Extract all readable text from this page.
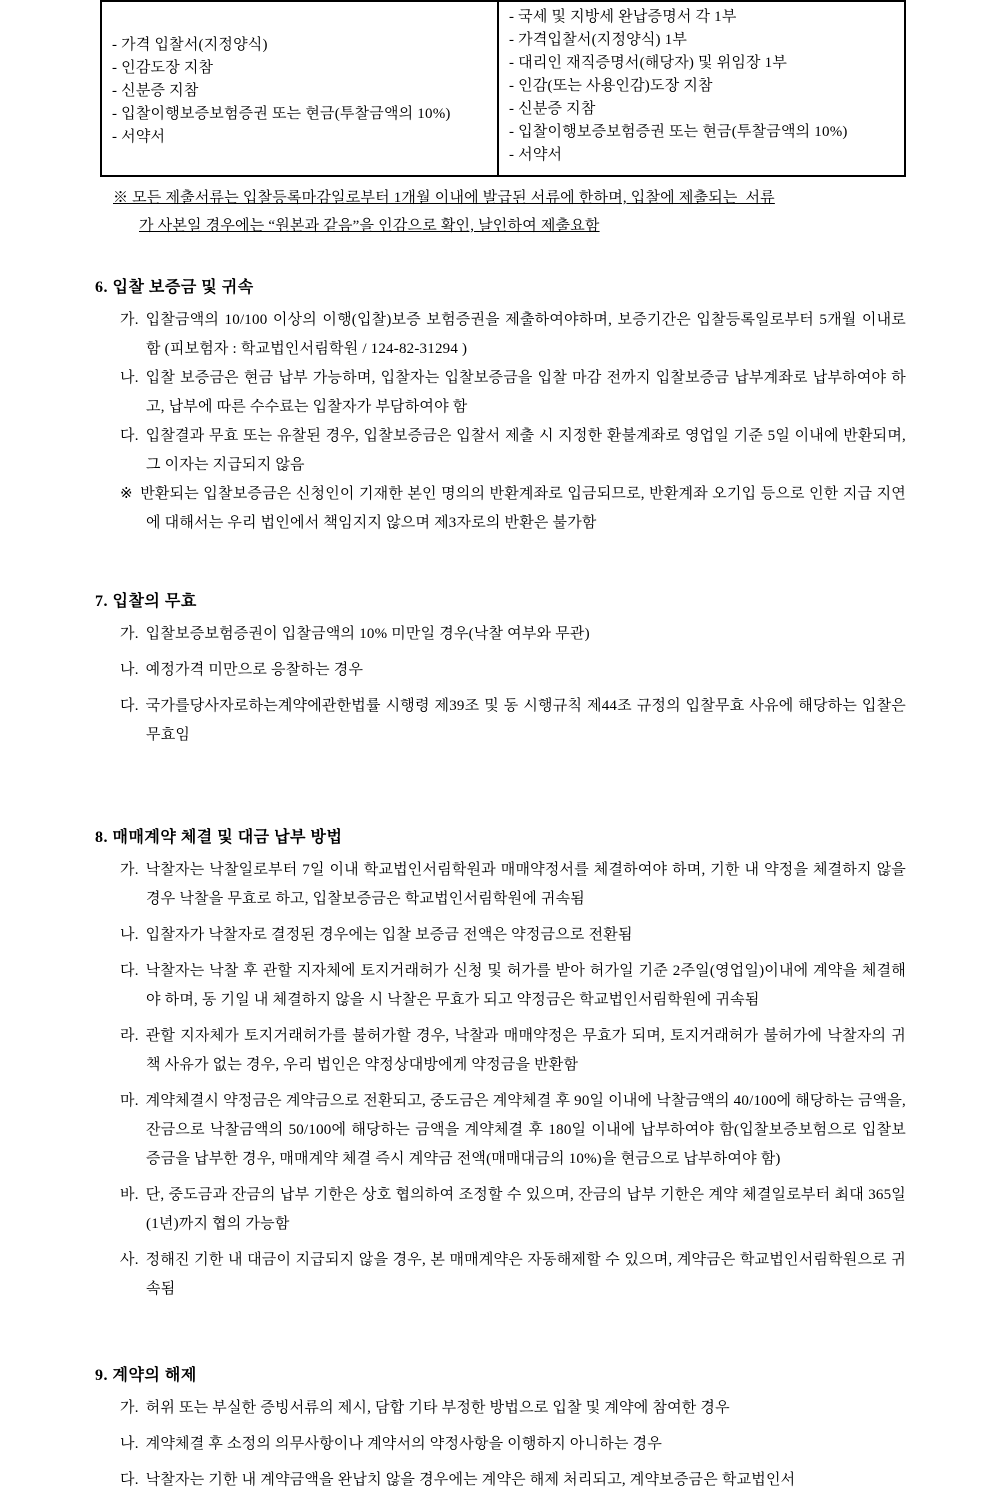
- 가격 입찰서(지정양식)
- 인감도장 지참
- 신분증 지참
- 입찰이행보증보험증권 또는 현금(투찰금액의 10%)
- 서약서
- 국세 및 지방세 완납증명서 각 1부
- 가격입찰서(지정양식) 1부
- 대리인 재직증명서(해당자) 및 위임장 1부
- 인감(또는 사용인감)도장 지참
- 신분증 지참
- 입찰이행보증보험증권 또는 현금(투찰금액의 10%)
- 서약서
※ 모든 제출서류는 입찰등록마감일로부터 1개월 이내에 발급된 서류에 한하며, 입찰에 제출되는  서류
가 사본일 경우에는 “원본과 같음”을 인감으로 확인, 날인하여 제출요함
6. 입찰 보증금 및 귀속
가. 입찰금액의 10/100 이상의 이행(입찰)보증 보험증권을 제출하여야하며, 보증기간은 입찰등록일로부터 5개월 이내로 함 (피보험자 : 학교법인서림학원 / 124-82-31294 )
나. 입찰 보증금은 현금 납부 가능하며, 입찰자는 입찰보증금을 입찰 마감 전까지 입찰보증금 납부계좌로 납부하여야 하고, 납부에 따른 수수료는 입찰자가 부담하여야 함
다. 입찰결과 무효 또는 유찰된 경우, 입찰보증금은 입찰서 제출 시 지정한 환불계좌로 영업일 기준 5일 이내에 반환되며, 그 이자는 지급되지 않음
※ 반환되는 입찰보증금은 신청인이 기재한 본인 명의의 반환계좌로 입금되므로, 반환계좌 오기입 등으로 인한 지급 지연에 대해서는 우리 법인에서 책임지지 않으며 제3자로의 반환은 불가함
7. 입찰의 무효
가. 입찰보증보험증권이 입찰금액의 10% 미만일 경우(낙찰 여부와 무관)
나. 예정가격 미만으로 응찰하는 경우
다. 국가를당사자로하는계약에관한법률 시행령 제39조 및 동 시행규칙 제44조 규정의 입찰무효 사유에 해당하는 입찰은 무효임
8. 매매계약 체결 및 대금 납부 방법
가. 낙찰자는 낙찰일로부터 7일 이내 학교법인서림학원과 매매약정서를 체결하여야 하며, 기한 내 약정을 체결하지 않을 경우 낙찰을 무효로 하고, 입찰보증금은 학교법인서림학원에 귀속됨
나. 입찰자가 낙찰자로 결정된 경우에는 입찰 보증금 전액은 약정금으로 전환됨
다. 낙찰자는 낙찰 후 관할 지자체에 토지거래허가 신청 및 허가를 받아 허가일 기준 2주일(영업일)이내에 계약을 체결해야 하며, 동 기일 내 체결하지 않을 시 낙찰은 무효가 되고 약정금은 학교법인서림학원에 귀속됨
라. 관할 지자체가 토지거래허가를 불허가할 경우, 낙찰과 매매약정은 무효가 되며, 토지거래허가 불허가에 낙찰자의 귀책 사유가 없는 경우, 우리 법인은 약정상대방에게 약정금을 반환함
마. 계약체결시 약정금은 계약금으로 전환되고, 중도금은 계약체결 후 90일 이내에 낙찰금액의 40/100에 해당하는 금액을, 잔금으로 낙찰금액의 50/100에 해당하는 금액을 계약체결 후 180일 이내에 납부하여야 함(입찰보증보험으로 입찰보증금을 납부한 경우, 매매계약 체결 즉시 계약금 전액(매매대금의 10%)을 현금으로 납부하여야 함)
바. 단, 중도금과 잔금의 납부 기한은 상호 협의하여 조정할 수 있으며, 잔금의 납부 기한은 계약 체결일로부터 최대 365일(1년)까지 협의 가능함
사. 정해진 기한 내 대금이 지급되지 않을 경우, 본 매매계약은 자동해제할 수 있으며, 계약금은 학교법인서림학원으로 귀속됨
9. 계약의 해제
가. 허위 또는 부실한 증빙서류의 제시, 담합 기타 부정한 방법으로 입찰 및 계약에 참여한 경우
나. 계약체결 후 소정의 의무사항이나 계약서의 약정사항을 이행하지 아니하는 경우
다. 낙찰자는 기한 내 계약금액을 완납치 않을 경우에는 계약은 해제 처리되고, 계약보증금은 학교법인서
